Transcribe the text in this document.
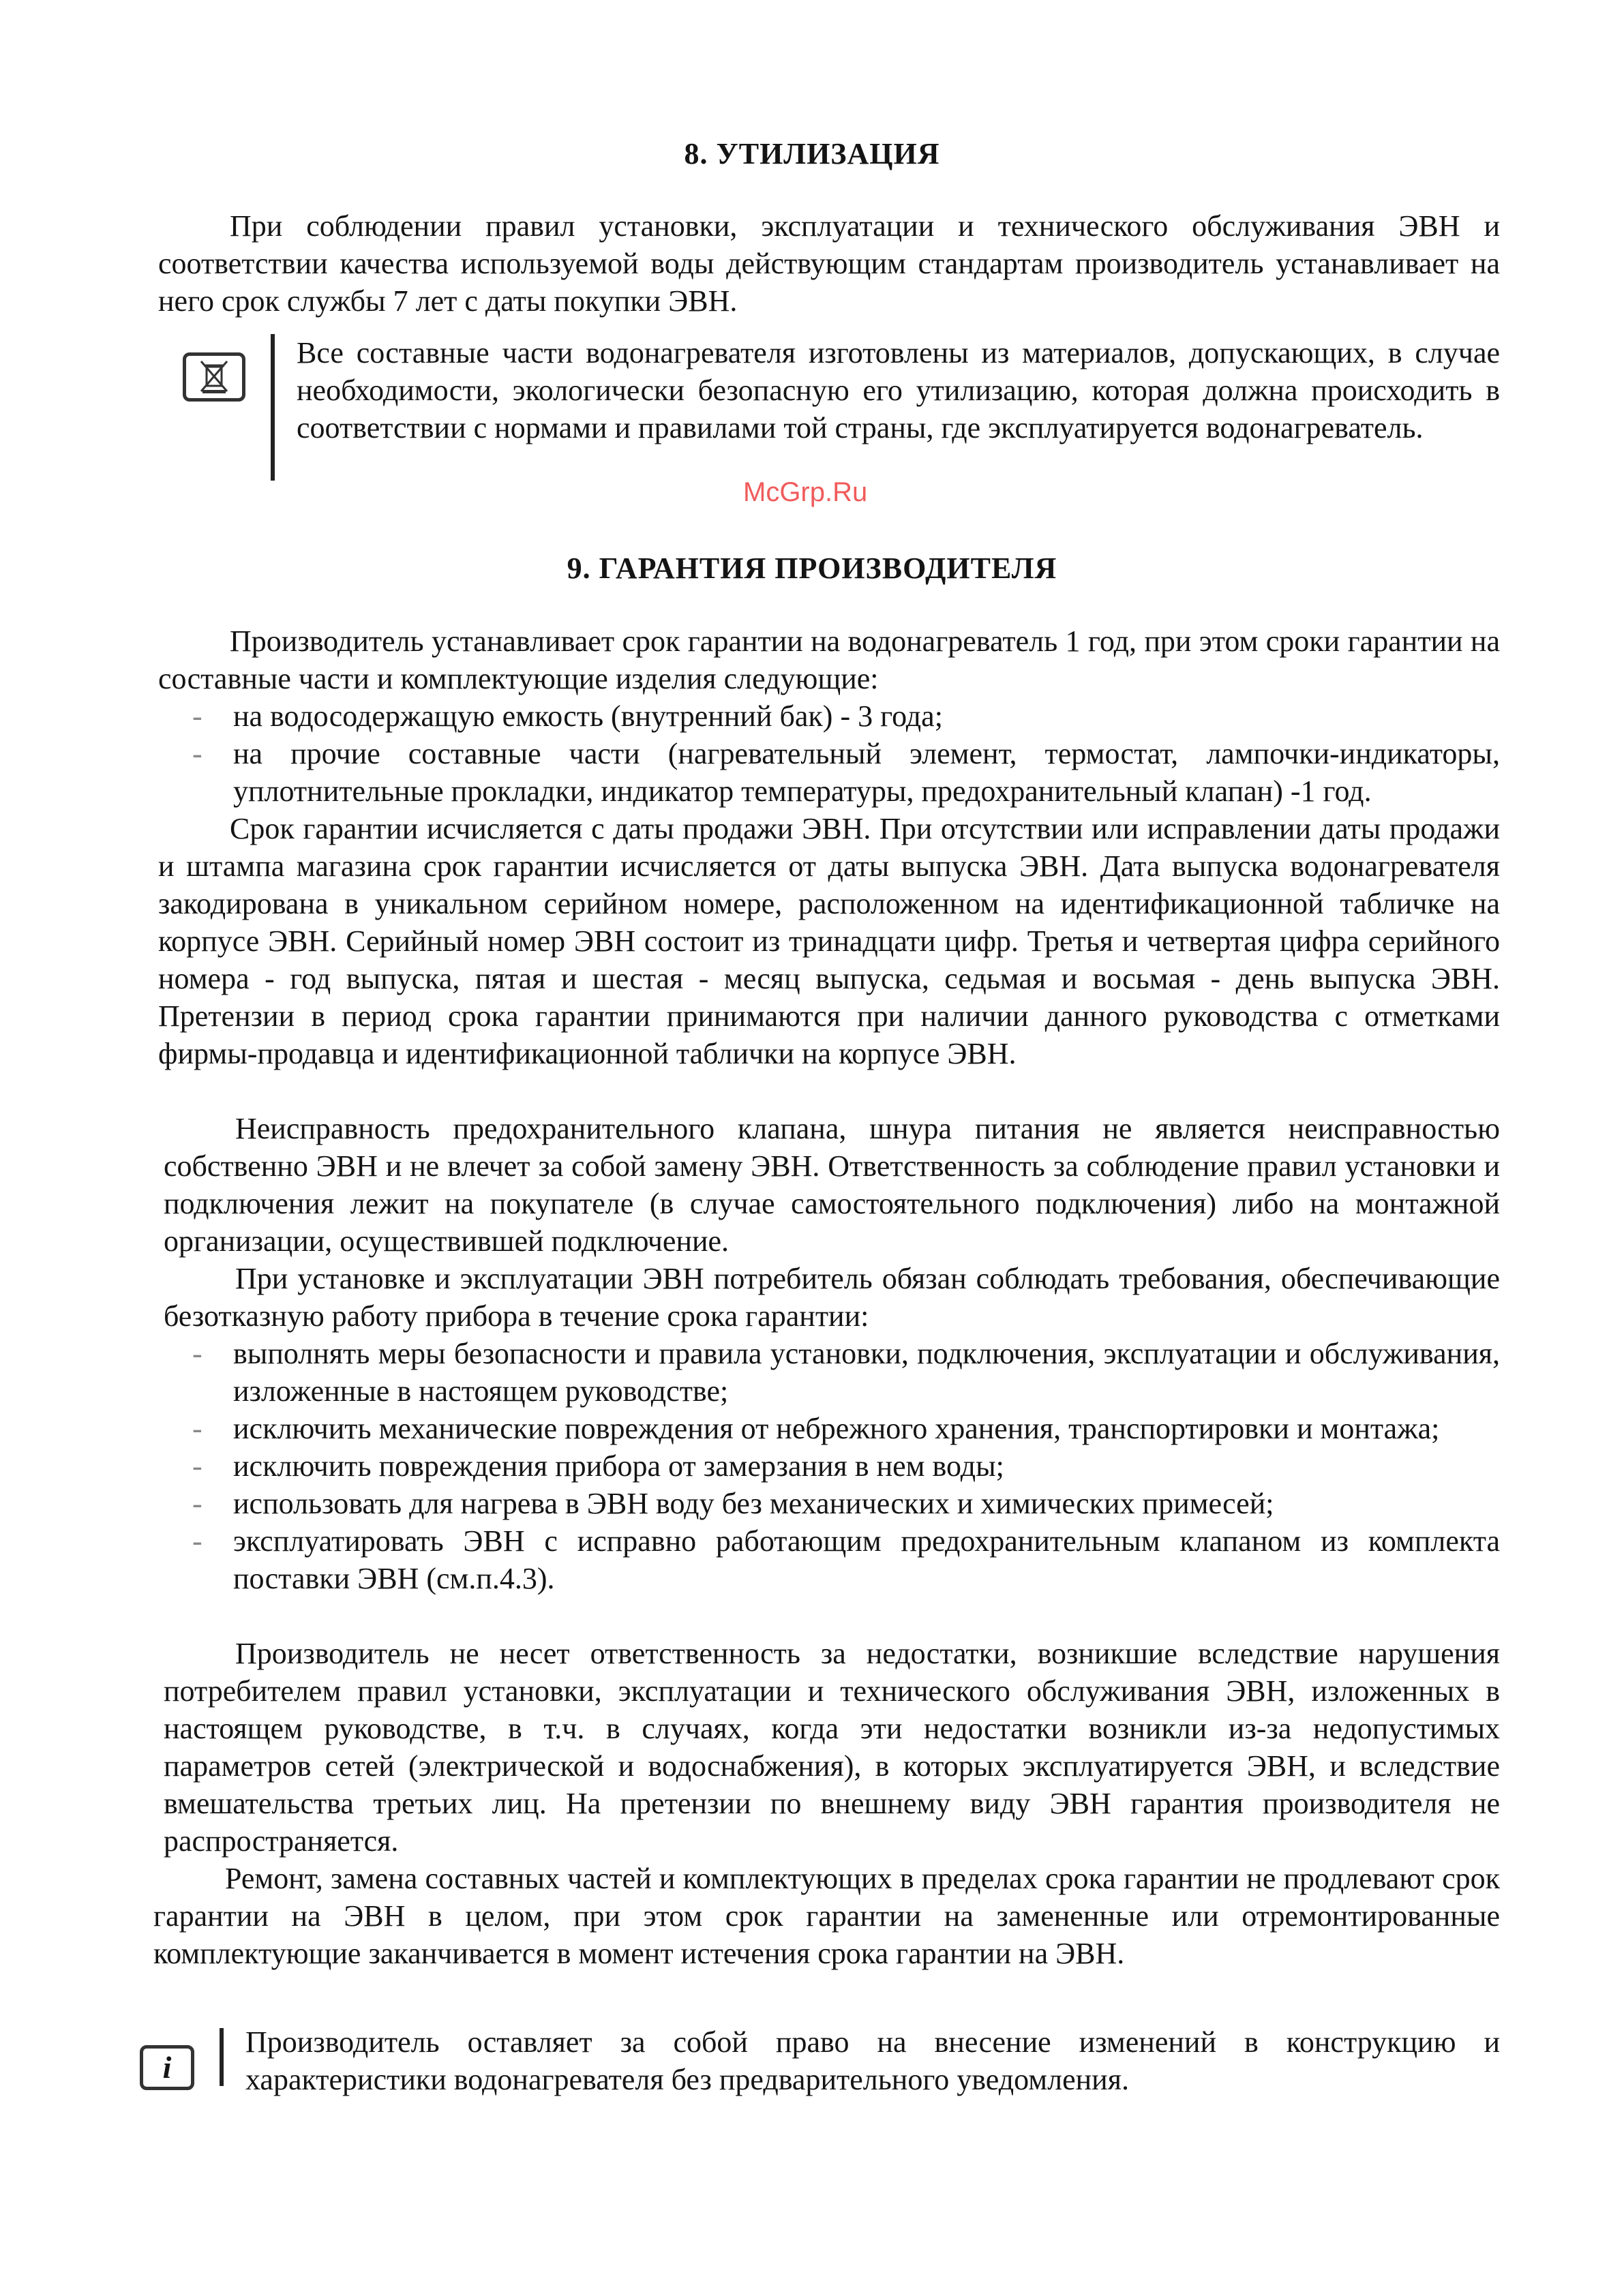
8. УТИЛИЗАЦИЯ
При соблюдении правил установки, эксплуатации и технического обслуживания ЭВН и соответствии качества используемой воды действующим стандартам производитель устанавливает на него срок службы 7 лет с даты покупки ЭВН.
Все составные части водонагревателя изготовлены из материалов, допускающих, в случае необходимости, экологически безопасную его утилизацию, которая должна происходить в соответствии с нормами и правилами той страны, где эксплуатируется водонагреватель.
McGrp.Ru
9. ГАРАНТИЯ ПРОИЗВОДИТЕЛЯ
Производитель устанавливает срок гарантии на водонагреватель 1 год, при этом сроки гарантии на составные части и комплектующие изделия следующие:
- на водосодержащую емкость (внутренний бак) - 3 года;
- на прочие составные части (нагревательный элемент, термостат, лампочки-индикаторы, уплотнительные прокладки, индикатор температуры, предохранительный клапан) -1 год.
Срок гарантии исчисляется с даты продажи ЭВН. При отсутствии или исправлении даты продажи и штампа магазина срок гарантии исчисляется от даты выпуска ЭВН. Дата выпуска водонагревателя закодирована в уникальном серийном номере, расположенном на идентификационной табличке на корпусе ЭВН. Серийный номер ЭВН состоит из тринадцати цифр. Третья и четвертая цифра серийного номера - год выпуска, пятая и шестая - месяц выпуска, седьмая и восьмая - день выпуска ЭВН. Претензии в период срока гарантии принимаются при наличии данного руководства с отметками фирмы-продавца и идентификационной таблички на корпусе ЭВН.
Неисправность предохранительного клапана, шнура питания не является неисправностью собственно ЭВН и не влечет за собой замену ЭВН. Ответственность за соблюдение правил установки и подключения лежит на покупателе (в случае самостоятельного подключения) либо на монтажной организации, осуществившей подключение.
При установке и эксплуатации ЭВН потребитель обязан соблюдать требования, обеспечивающие безотказную работу прибора в течение срока гарантии:
- выполнять меры безопасности и правила установки, подключения, эксплуатации и обслуживания, изложенные в настоящем руководстве;
- исключить механические повреждения от небрежного хранения, транспортировки и монтажа;
- исключить повреждения прибора от замерзания в нем воды;
- использовать для нагрева в ЭВН воду без механических и химических примесей;
- эксплуатировать ЭВН с исправно работающим предохранительным клапаном из комплекта поставки ЭВН (см.п.4.3).
Производитель не несет ответственность за недостатки, возникшие вследствие нарушения потребителем правил установки, эксплуатации и технического обслуживания ЭВН, изложенных в настоящем руководстве, в т.ч. в случаях, когда эти недостатки возникли из-за недопустимых параметров сетей (электрической и водоснабжения), в которых эксплуатируется ЭВН, и вследствие вмешательства третьих лиц. На претензии по внешнему виду ЭВН гарантия производителя не распространяется.
Ремонт, замена составных частей и комплектующих в пределах срока гарантии не продлевают срок гарантии на ЭВН в целом, при этом срок гарантии на замененные или отремонтированные комплектующие заканчивается в момент истечения срока гарантии на ЭВН.
i
Производитель оставляет за собой право на внесение изменений в конструкцию и характеристики водонагревателя без предварительного уведомления.
